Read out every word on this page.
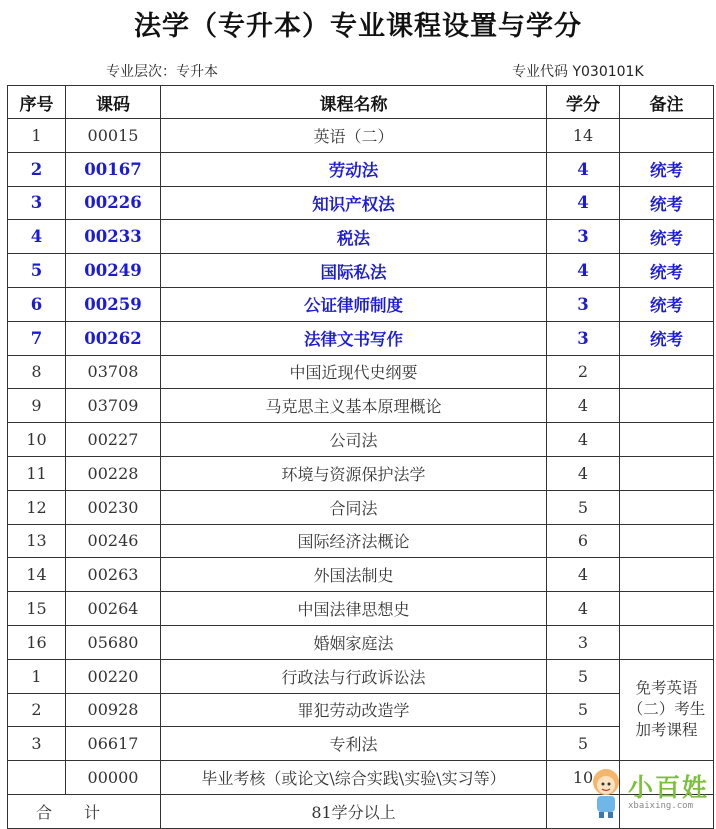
法学（专升本）专业课程设置与学分
专业层次：专升本	专业代码 Y030101K
序号	课码	课程名称	学分	备注
1	00015	英语（二）	14	
2	00167	劳动法	4	统考
3	00226	知识产权法	4	统考
4	00233	税法	3	统考
5	00249	国际私法	4	统考
6	00259	公证律师制度	3	统考
7	00262	法律文书写作	3	统考
8	03708	中国近现代史纲要	2	
9	03709	马克思主义基本原理概论	4	
10	00227	公司法	4	
11	00228	环境与资源保护法学	4	
12	00230	合同法	5	
13	00246	国际经济法概论	6	
14	00263	外国法制史	4	
15	00264	中国法律思想史	4	
16	05680	婚姻家庭法	3	
1	00220	行政法与行政诉讼法	5	免考英语（二）考生加考课程
2	00928	罪犯劳动改造学	5	
3	06617	专利法	5	
	00000	毕业考核（或论文\综合实践\实验\实习等）	10	
合计		81学分以上		
小百姓
xbaixing.com
